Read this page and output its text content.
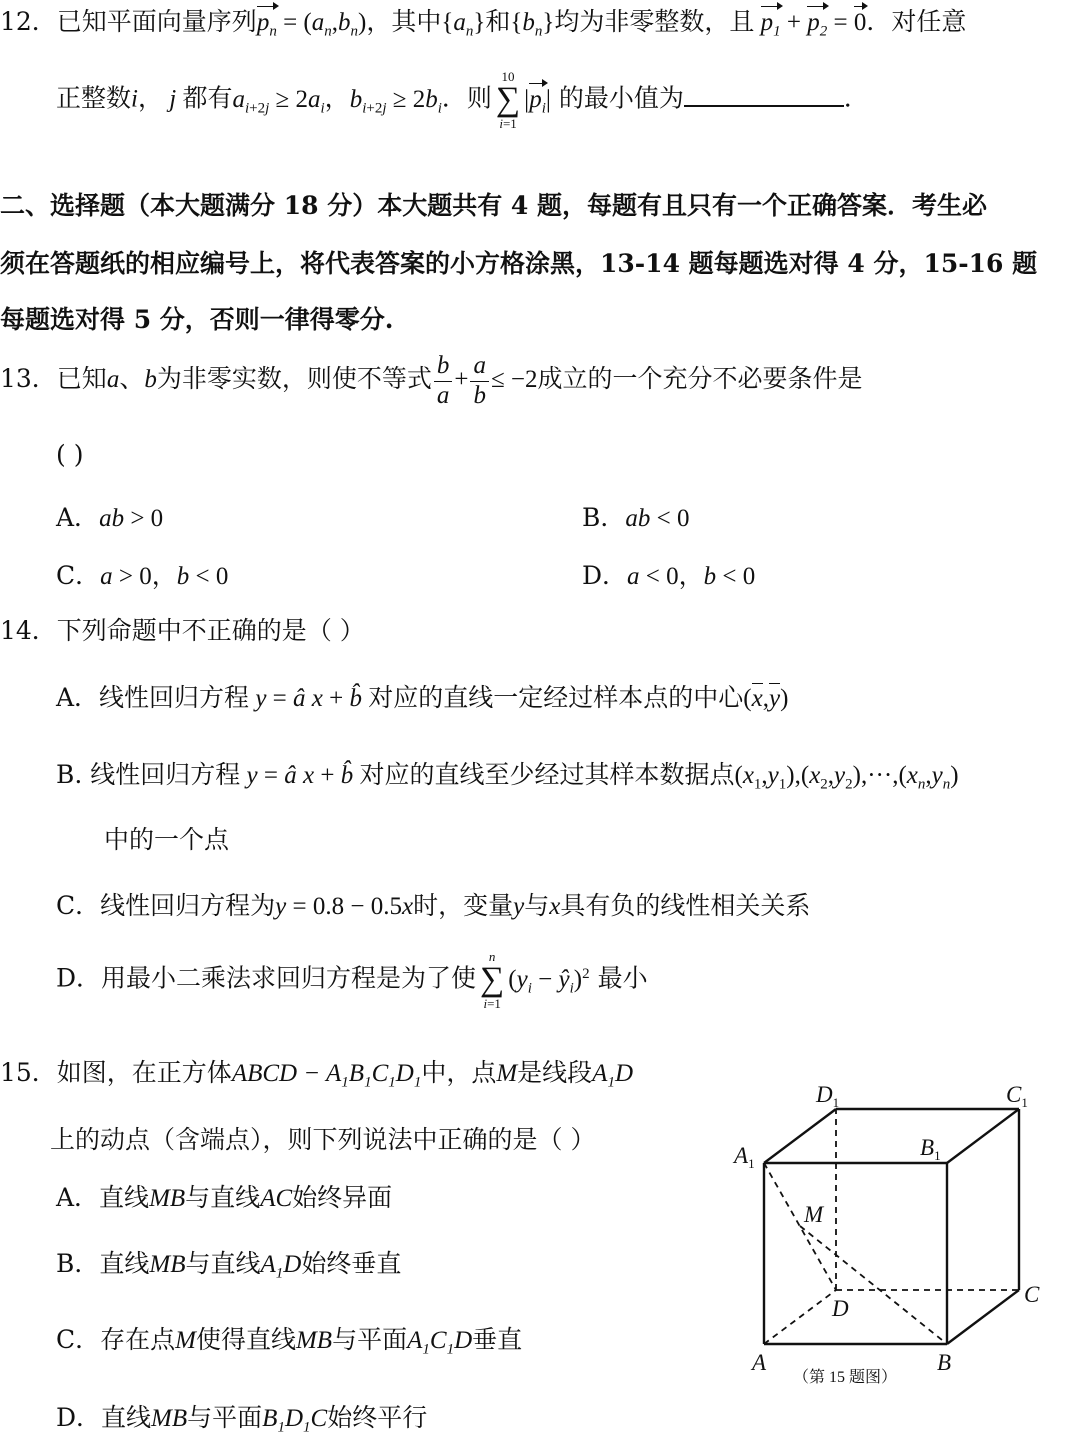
12．已知平面向量序列$p_n = (a_n,b_n)$，其中$\{a_n\}$和$\{b_n\}$均为非零整数，且 $p_1 + p_2 = 0$．对任意
正整数i， j 都有$a_{i+2j} \ge 2a_i$，$b_{i+2j} \ge 2b_i$．则
10
∑
i=1
$|p_i|$ 的最小值为	．
二、选择题（本大题满分 18 分）本大题共有 4 题，每题有且只有一个正确答案．考生必
须在答题纸的相应编号上，将代表答案的小方格涂黑，13-14 题每题选对得 4 分，15-16 题
每题选对得 5 分，否则一律得零分.
13．已知a、b为非零实数，则使不等式 $\frac{b}{a} + \frac{a}{b} \le -2$成立的一个充分不必要条件是
( )
A．ab > 0	B．ab < 0
C．a > 0，b < 0	D．a < 0，b < 0
14．下列命题中不正确的是（ ）
A．线性回归方程 y = â x + b̂ 对应的直线一定经过样本点的中心(x,y)
B. 线性回归方程 y = â x + b̂ 对应的直线至少经过其样本数据点$(x_1,y_1),(x_2,y_2),\cdot\cdot\cdot,(x_n,y_n)$
中的一个点
C．线性回归方程为y = 0.8 − 0.5x时，变量y与x具有负的线性相关关系
D．用最小二乘法求回归方程是为了使
n
∑
i=1
($y_i$ − $ŷ_i)^2$ 最小
15．如图，在正方体ABCD − $A_1B_1C_1D_1$中，点M是线段$A_1D$
上的动点（含端点），则下列说法中正确的是（ ）
A．直线MB与直线AC始终异面
B．直线MB与直线$A_1D$始终垂直
C．存在点M使得直线MB与平面$A_1C_1D$垂直
D．直线MB与平面$B_1D_1C$始终平行
$D_1$	$C_1$
$A_1$
$B_1$
M
C
D
A	B
（第 15 题图）
